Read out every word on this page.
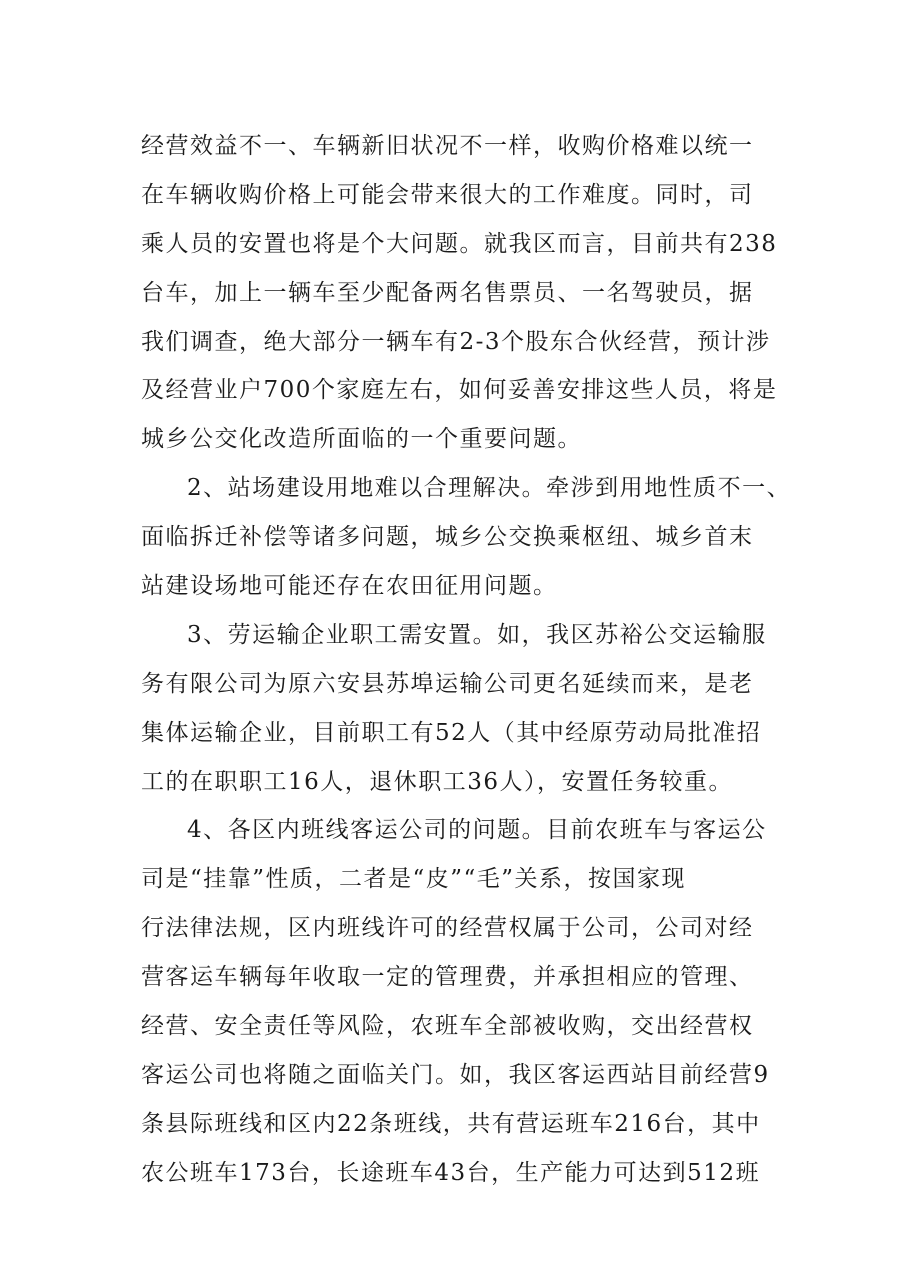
经营效益不一、车辆新旧状况不一样，收购价格难以统一
在车辆收购价格上可能会带来很大的工作难度。同时，司
乘人员的安置也将是个大问题。就我区而言，目前共有238
台车，加上一辆车至少配备两名售票员、一名驾驶员，据
我们调查，绝大部分一辆车有2-3个股东合伙经营，预计涉
及经营业户700个家庭左右，如何妥善安排这些人员，将是
城乡公交化改造所面临的一个重要问题。
2、站场建设用地难以合理解决。牵涉到用地性质不一、
面临拆迁补偿等诸多问题，城乡公交换乘枢纽、城乡首末
站建设场地可能还存在农田征用问题。
3、劳运输企业职工需安置。如，我区苏裕公交运输服
务有限公司为原六安县苏埠运输公司更名延续而来，是老
集体运输企业，目前职工有52人（其中经原劳动局批准招
工的在职职工16人，退休职工36人），安置任务较重。
4、各区内班线客运公司的问题。目前农班车与客运公
司是“挂靠”性质，二者是“皮”“毛”关系，按国家现
行法律法规，区内班线许可的经营权属于公司，公司对经
营客运车辆每年收取一定的管理费，并承担相应的管理、
经营、安全责任等风险，农班车全部被收购，交出经营权
客运公司也将随之面临关门。如，我区客运西站目前经营9
条县际班线和区内22条班线，共有营运班车216台，其中
农公班车173台，长途班车43台，生产能力可达到512班
